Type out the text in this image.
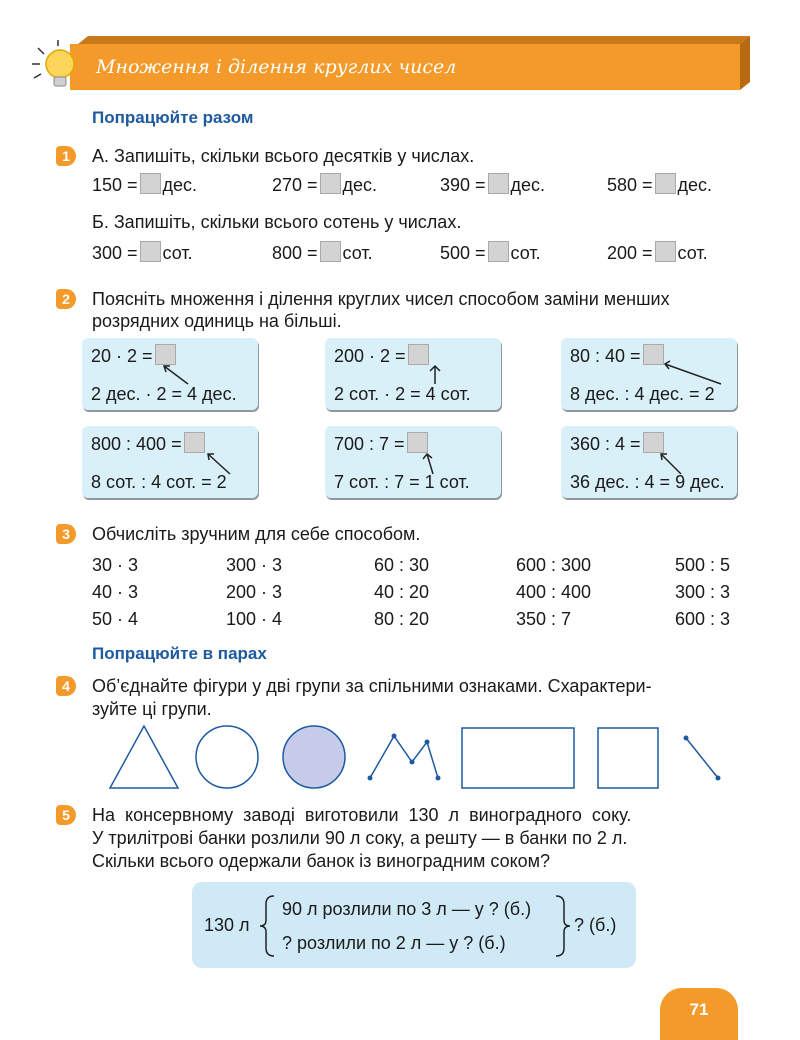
Множення і ділення круглих чисел
Попрацюйте разом
1	А. Запишіть, скільки всього десятків у числах.
150 = дес.	270 = дес.	390 = дес.	580 = дес.
Б. Запишіть, скільки всього сотень у числах.
300 = сот.	800 = сот.	500 = сот.	200 = сот.
2	Поясніть множення і ділення круглих чисел способом заміни менших
розрядних одиниць на більші.
20 · 2 =
2 дес. · 2 = 4 дес.
200 · 2 =
2 сот. · 2 = 4 сот.
80 : 40 =
8 дес. : 4 дес. = 2
800 : 400 =
8 сот. : 4 сот. = 2
700 : 7 =
7 сот. : 7 = 1 сот.
360 : 4 =
36 дес. : 4 = 9 дес.
3	Обчисліть зручним для себе способом.
30 · 3	300 · 3	60 : 30	600 : 300	500 : 5
40 · 3	200 · 3	40 : 20	400 : 400	300 : 3
50 · 4	100 · 4	80 : 20	350 : 7	600 : 3
Попрацюйте в парах
4	Об’єднайте фігури у дві групи за спільними ознаками. Схарактери-
зуйте ці групи.
5	На консервному заводі виготовили 130 л виноградного соку.
У трилітрові банки розлили 90 л соку, а решту — в банки по 2 л.
Скільки всього одержали банок із виноградним соком?
130 л
90 л розлили по 3 л — у ? (б.)
? розлили по 2 л — у ? (б.)
? (б.)
71
